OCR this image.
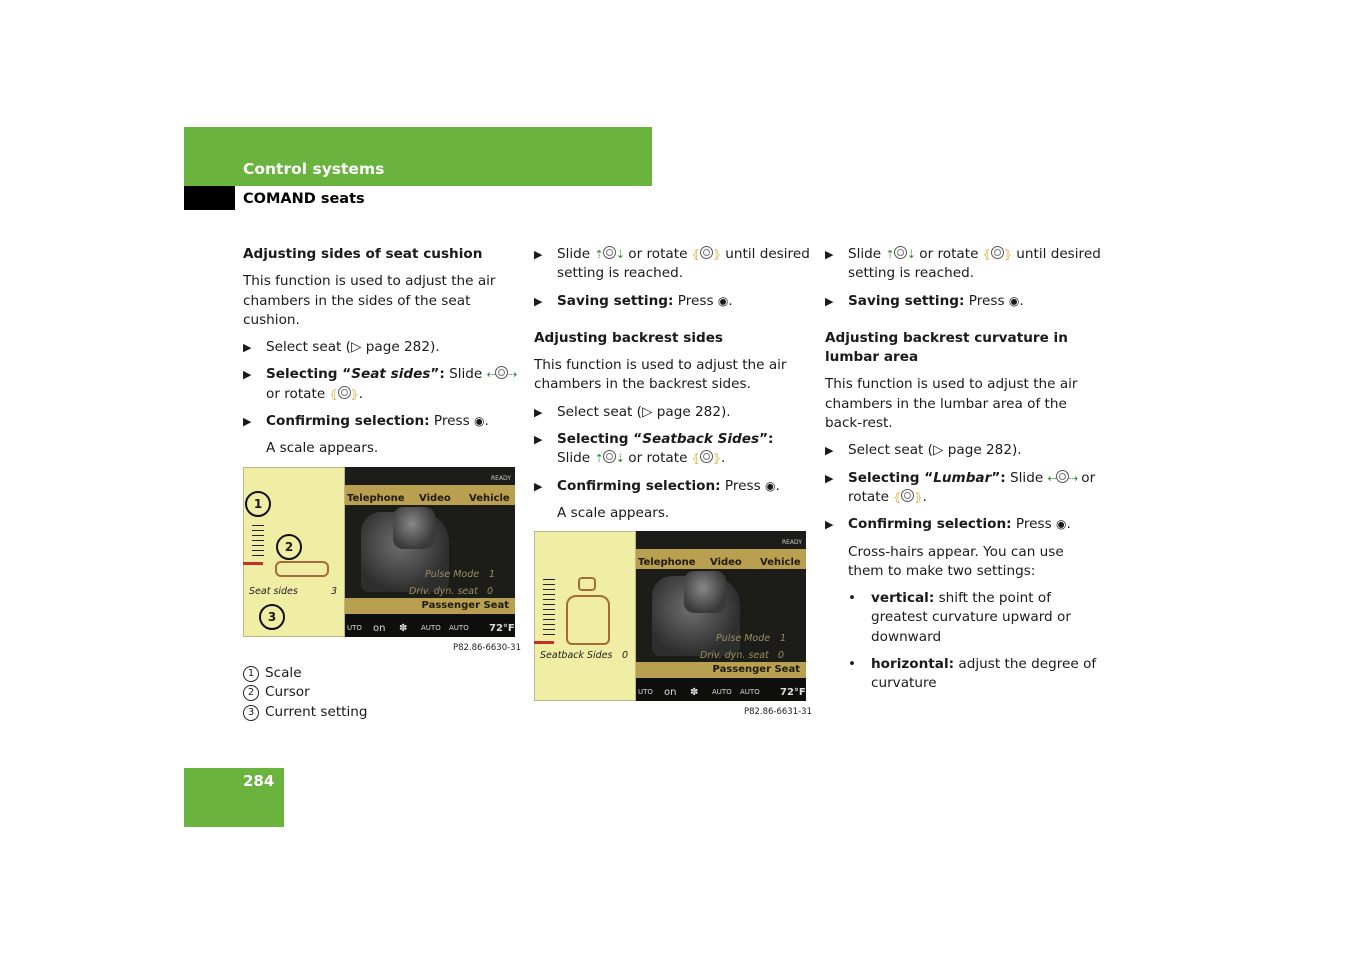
Control systems
COMAND seats
Adjusting sides of seat cushion

This function is used to adjust the air chambers in the sides of the seat cushion.

▶ Select seat (▷ page 282).
▶ Selecting “Seat sides”: Slide ⇠ ⇢ or rotate ⦃ ⦄.
▶ Confirming selection: Press ◉.
A scale appears.
READY
Telephone Video Vehicle
Pulse Mode 1
Driv. dyn. seat 0
Passenger Seat
UTO on ✽ AUTO AUTO 72°F
Seat sides	3
1
2
3
P82.86-6630-31
1 Scale
2 Cursor
3 Current setting
▶ Slide ⇡ ⇣ or rotate ⦃ ⦄ until desired setting is reached.
▶ Saving setting: Press ◉.
Adjusting backrest sides

This function is used to adjust the air chambers in the backrest sides.

▶ Select seat (▷ page 282).
▶ Selecting “Seatback Sides”:
Slide ⇡ ⇣ or rotate ⦃ ⦄.
▶ Confirming selection: Press ◉.
A scale appears.
READY
Telephone Video Vehicle
Pulse Mode 1
Driv. dyn. seat 0
Passenger Seat
UTO on ✽ AUTO AUTO 72°F
Seatback Sides 0
P82.86-6631-31
▶ Slide ⇡ ⇣ or rotate ⦃ ⦄ until desired setting is reached.
▶ Saving setting: Press ◉.
Adjusting backrest curvature in lumbar area

This function is used to adjust the air chambers in the lumbar area of the back-rest.

▶ Select seat (▷ page 282).
▶ Selecting “Lumbar”: Slide ⇠ ⇢ or rotate ⦃ ⦄.
▶ Confirming selection: Press ◉.
Cross-hairs appear. You can use them to make two settings:
• vertical: shift the point of greatest curvature upward or downward
• horizontal: adjust the degree of curvature
284
